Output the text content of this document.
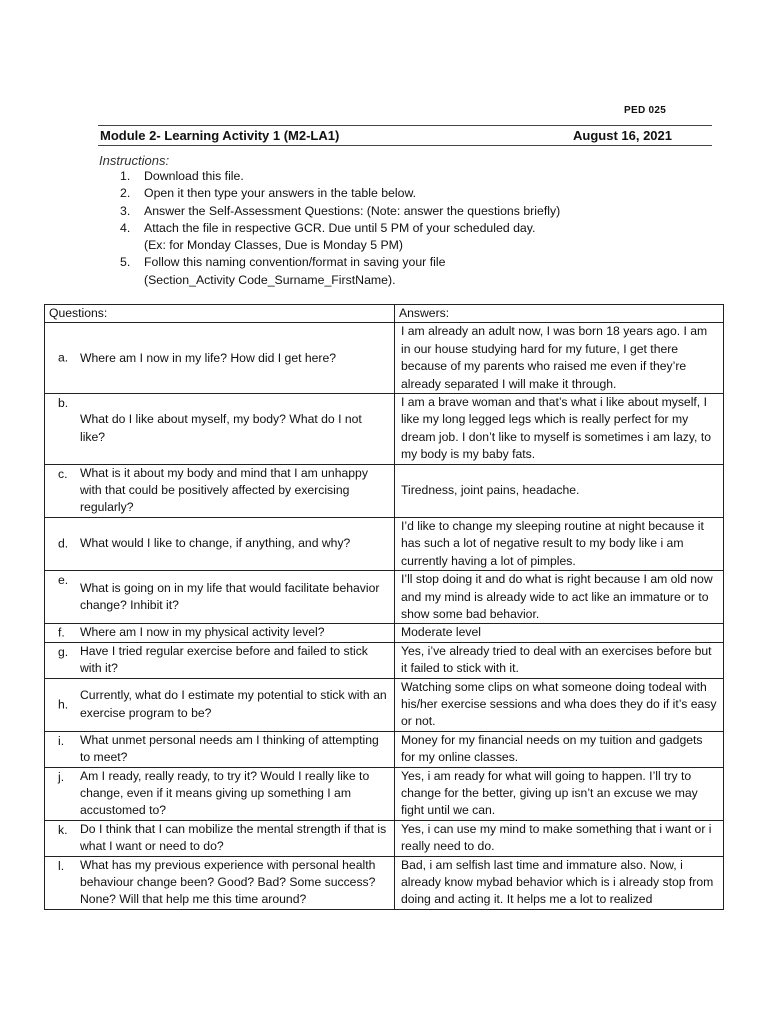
PED 025
Module 2- Learning Activity 1 (M2-LA1)	August 16, 2021
Instructions:
1. Download this file.
2. Open it then type your answers in the table below.
3. Answer the Self-Assessment Questions: (Note: answer the questions briefly)
4. Attach the file in respective GCR. Due until 5 PM of your scheduled day.
(Ex: for Monday Classes, Due is Monday 5 PM)
5. Follow this naming convention/format in saving your file
(Section_Activity Code_Surname_FirstName).
Questions:	Answers:

a. Where am I now in my life? How did I get here?	I am already an adult now, I was born 18 years ago. I am in our house studying hard for my future, I get there because of my parents who raised me even if they’re already separated I will make it through.

b.
What do I like about myself, my body? What do I not like?	I am a brave woman and that’s what i like about myself, I like my long legged legs which is really perfect for my dream job. I don’t like to myself is sometimes i am lazy, to my body is my baby fats.

c. What is it about my body and mind that I am unhappy with that could be positively affected by exercising regularly?	Tiredness, joint pains, headache.

d. What would I like to change, if anything, and why?	I’d like to change my sleeping routine at night because it has such a lot of negative result to my body like i am currently having a lot of pimples.

e.
What is going on in my life that would facilitate behavior change? Inhibit it?	I’ll stop doing it and do what is right because I am old now and my mind is already wide to act like an immature or to show some bad behavior.

f. Where am I now in my physical activity level?	Moderate level

g. Have I tried regular exercise before and failed to stick with it?	Yes, i’ve already tried to deal with an exercises before but it failed to stick with it.

h.
Currently, what do I estimate my potential to stick with an exercise program to be?	Watching some clips on what someone doing todeal with his/her exercise sessions and wha does they do if it’s easy or not.

i. What unmet personal needs am I thinking of attempting to meet?	Money for my financial needs on my tuition and gadgets for my online classes.

j. Am I ready, really ready, to try it? Would I really like to change, even if it means giving up something I am accustomed to?	Yes, i am ready for what will going to happen. I’ll try to change for the better, giving up isn’t an excuse we may fight until we can.

k. Do I think that I can mobilize the mental strength if that is what I want or need to do?	Yes, i can use my mind to make something that i want or i really need to do.

l. What has my previous experience with personal health behaviour change been? Good? Bad? Some success? None? Will that help me this time around?	Bad, i am selfish last time and immature also. Now, i already know mybad behavior which is i already stop from doing and acting it. It helps me a lot to realized
